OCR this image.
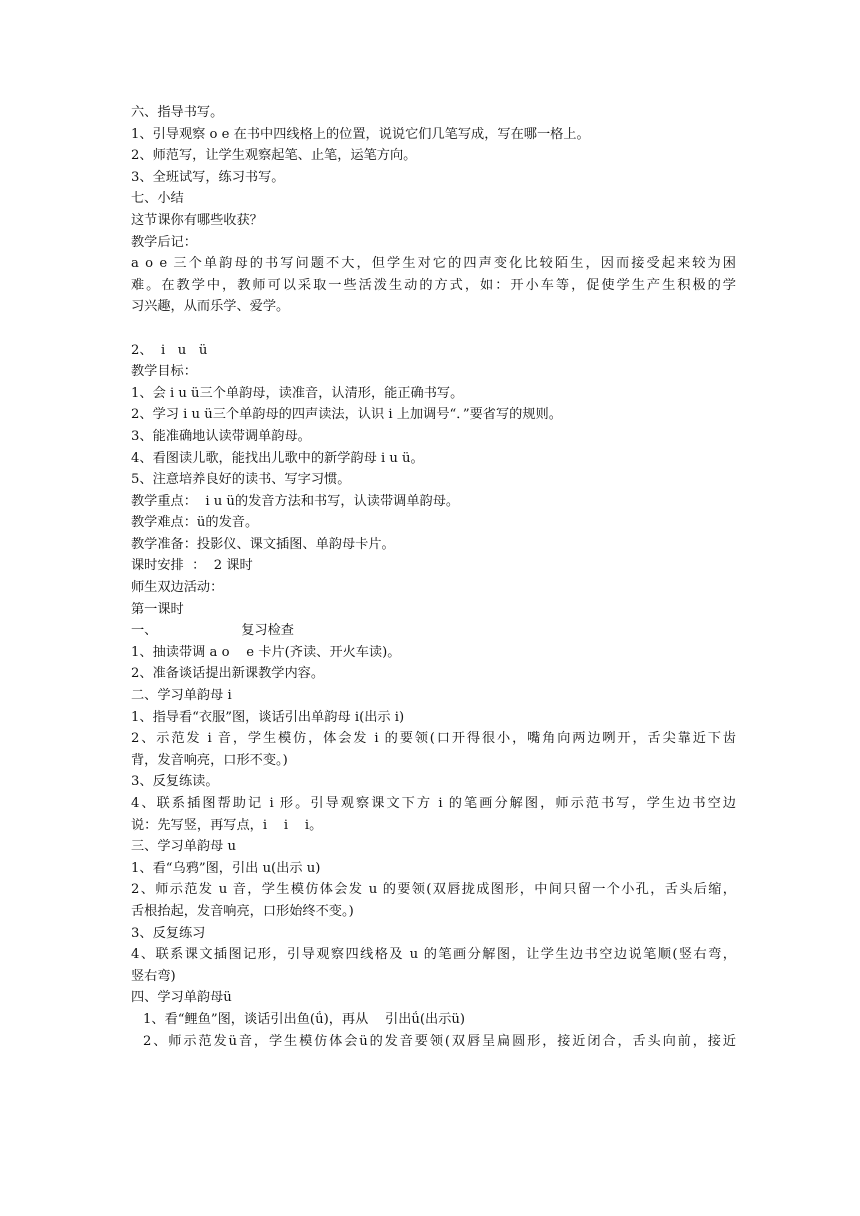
六、指导书写。
1、引导观察 o e 在书中四线格上的位置，说说它们几笔写成，写在哪一格上。
2、师范写，让学生观察起笔、止笔，运笔方向。
3、全班试写，练习书写。
七、小结
这节课你有哪些收获？
教学后记：
a o e 三个单韵母的书写问题不大，但学生对它的四声变化比较陌生，因而接受起来较为困
难。在教学中，教师可以采取一些活泼生动的方式，如：开小车等，促使学生产生积极的学
习兴趣，从而乐学、爱学。
2、  i   u   ü
教学目标：
1、会 i u ü三个单韵母，读准音，认清形，能正确书写。
2、学习 i u ü三个单韵母的四声读法，认识 i 上加调号“．”要省写的规则。
3、能准确地认读带调单韵母。
4、看图读儿歌，能找出儿歌中的新学韵母 i u ü。
5、注意培养良好的读书、写字习惯。
教学重点：  i u ü的发音方法和书写，认读带调单韵母。
教学难点：ü的发音。
教学准备：投影仪、课文插图、单韵母卡片。
课时安排  ：  2 课时
师生双边活动：
第一课时
一、                    复习检查
1、抽读带调 a o    e 卡片(齐读、开火车读)。
2、准备谈话提出新课教学内容。
二、学习单韵母 i
1、指导看“衣服”图，谈话引出单韵母 i(出示 i)
2、示范发 i 音，学生模仿，体会发 i 的要领(口开得很小，嘴角向两边咧开，舌尖靠近下齿
背，发音响亮，口形不变。)
3、反复练读。
4、联系插图帮助记 i 形。引导观察课文下方 i 的笔画分解图，师示范书写，学生边书空边
说：先写竖，再写点，i    i    i。
三、学习单韵母 u
1、看“乌鸦”图，引出 u(出示 u)
2、师示范发 u 音，学生模仿体会发 u 的要领(双唇拢成图形，中间只留一个小孔，舌头后缩，
舌根抬起，发音响亮，口形始终不变。)
3、反复练习
4、联系课文插图记形，引导观察四线格及 u 的笔画分解图，让学生边书空边说笔顺(竖右弯，
竖右弯)
四、学习单韵母ü
1、看“鲤鱼”图，谈话引出鱼(ǘ)，再从    引出ǘ(出示ü)
2、师示范发ü音，学生模仿体会ü的发音要领(双唇呈扁圆形，接近闭合，舌头向前，接近
